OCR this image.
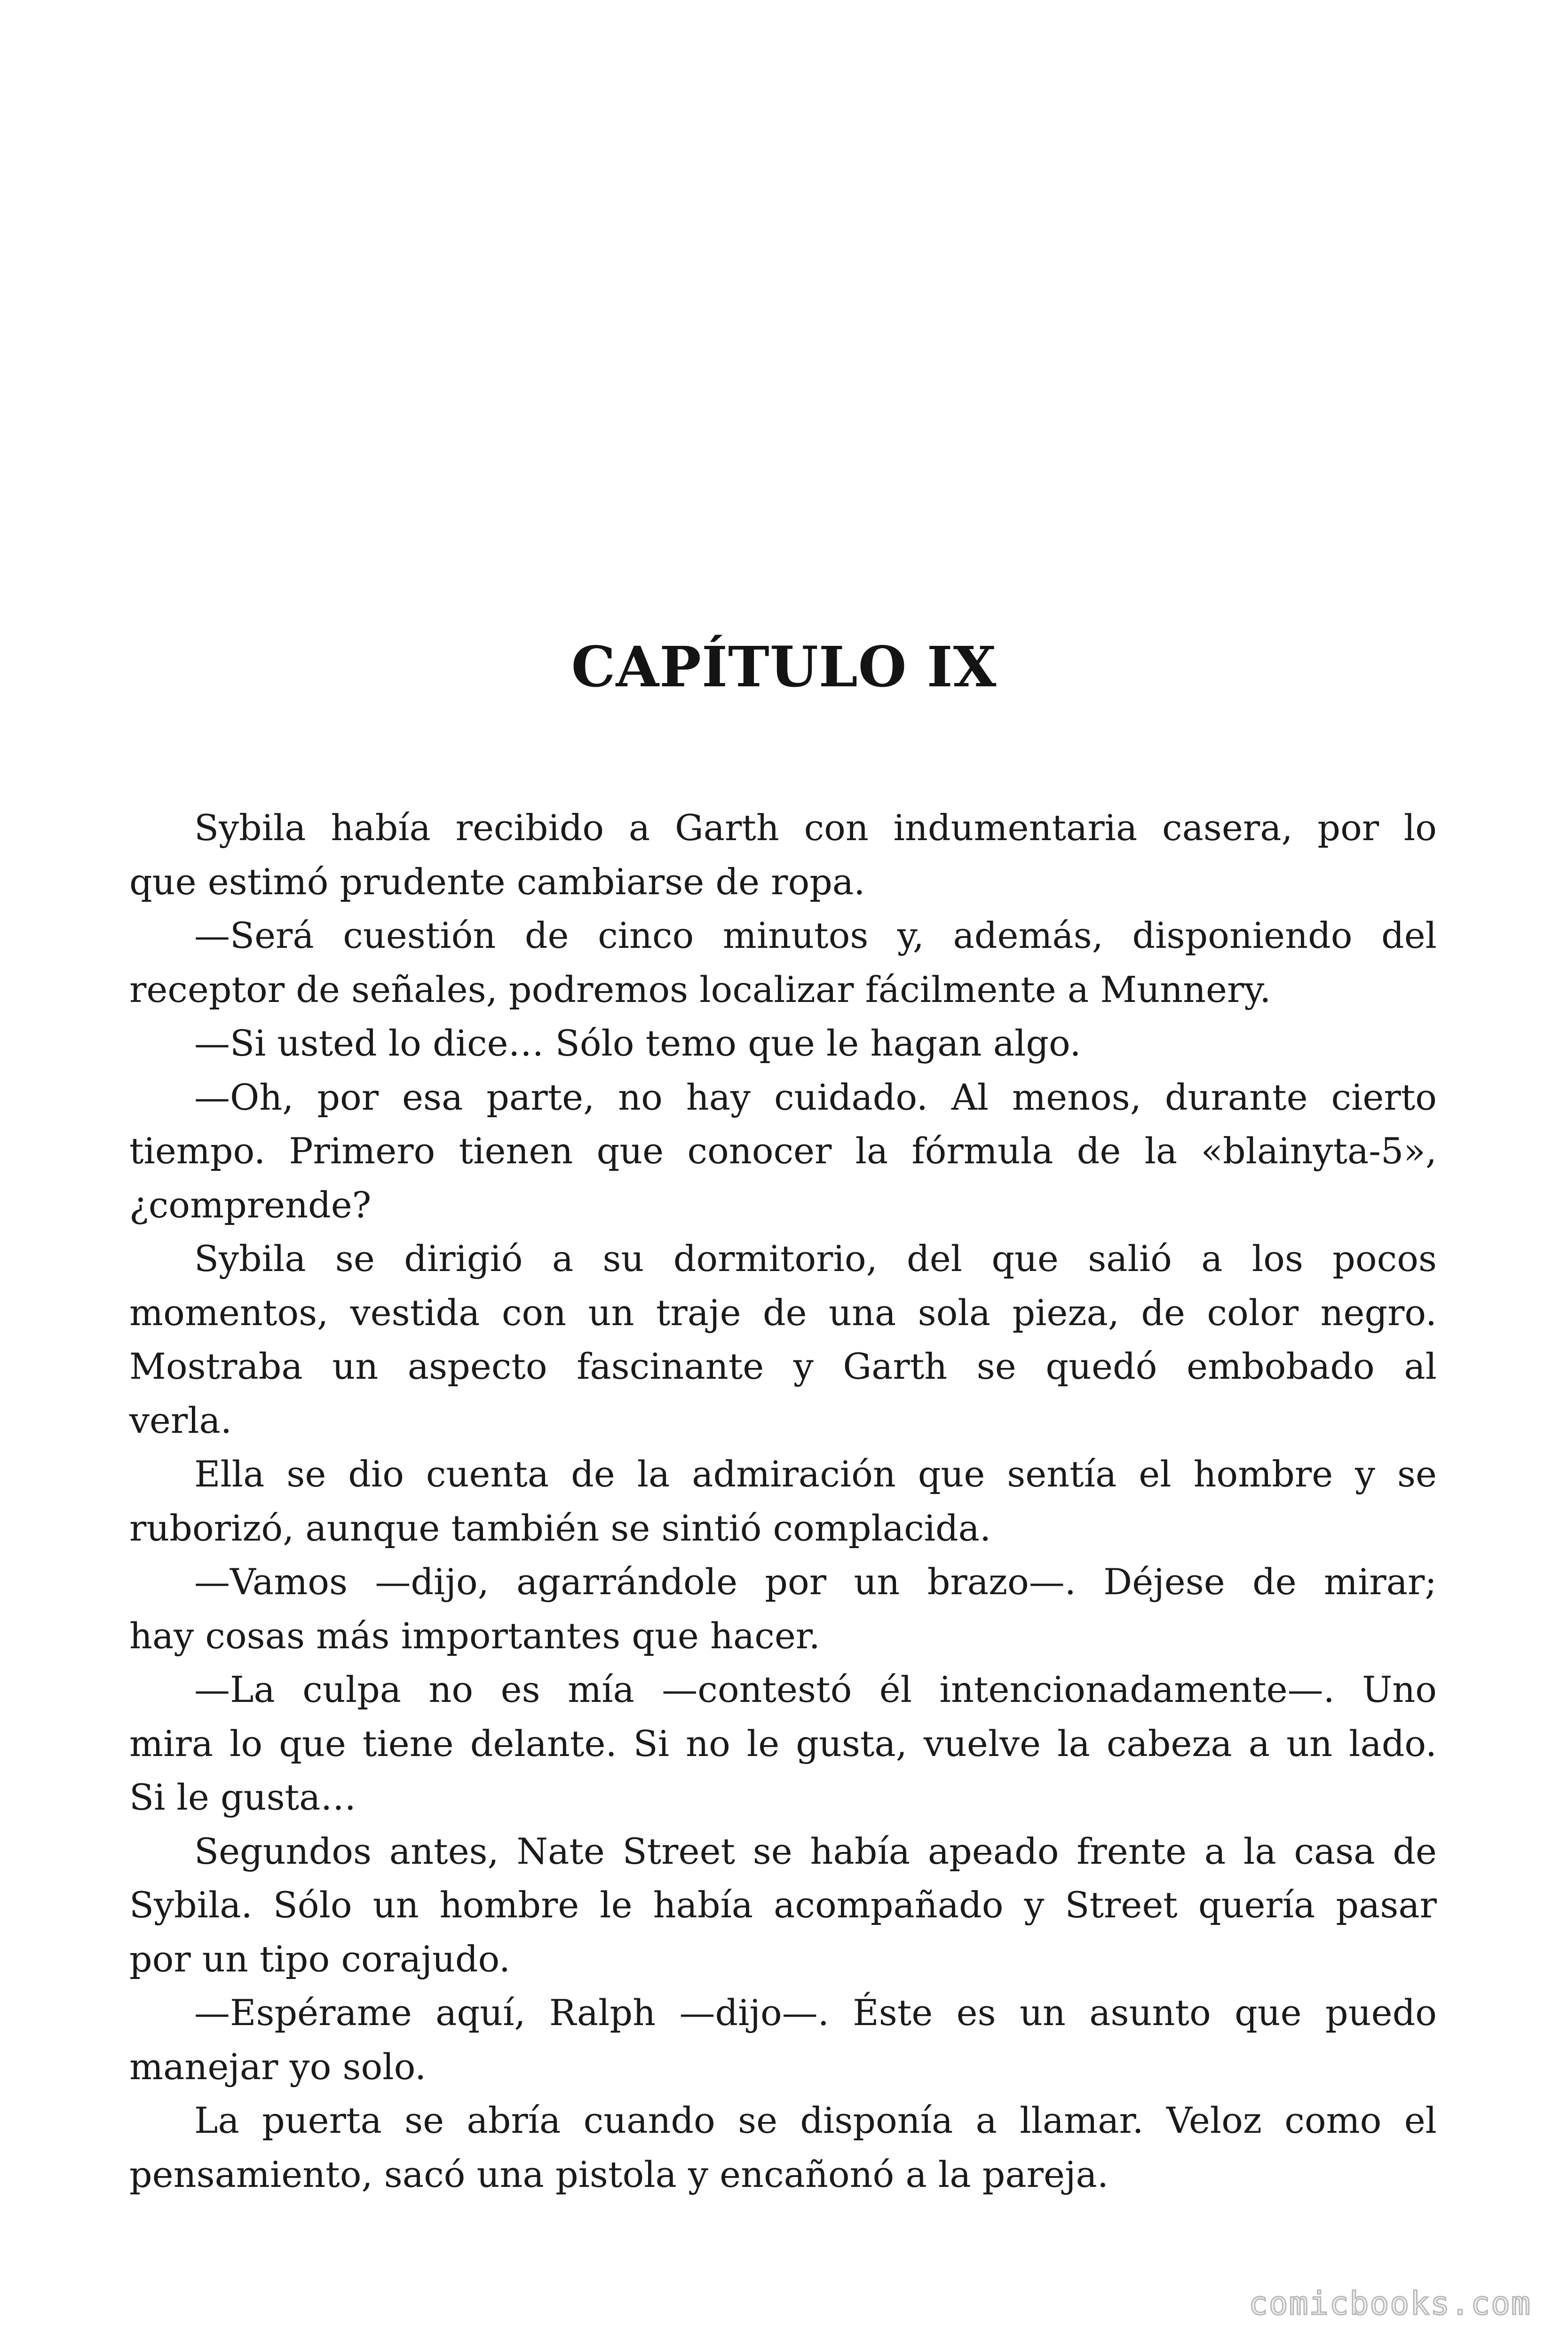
CAPÍTULO IX
Sybila había recibido a Garth con indumentaria casera, por lo
que estimó prudente cambiarse de ropa.
—Será cuestión de cinco minutos y, además, disponiendo del
receptor de señales, podremos localizar fácilmente a Munnery.
—Si usted lo dice… Sólo temo que le hagan algo.
—Oh, por esa parte, no hay cuidado. Al menos, durante cierto
tiempo. Primero tienen que conocer la fórmula de la «blainyta-5»,
¿comprende?
Sybila se dirigió a su dormitorio, del que salió a los pocos
momentos, vestida con un traje de una sola pieza, de color negro.
Mostraba un aspecto fascinante y Garth se quedó embobado al
verla.
Ella se dio cuenta de la admiración que sentía el hombre y se
ruborizó, aunque también se sintió complacida.
—Vamos —dijo, agarrándole por un brazo—. Déjese de mirar;
hay cosas más importantes que hacer.
—La culpa no es mía —contestó él intencionadamente—. Uno
mira lo que tiene delante. Si no le gusta, vuelve la cabeza a un lado.
Si le gusta…
Segundos antes, Nate Street se había apeado frente a la casa de
Sybila. Sólo un hombre le había acompañado y Street quería pasar
por un tipo corajudo.
—Espérame aquí, Ralph —dijo—. Éste es un asunto que puedo
manejar yo solo.
La puerta se abría cuando se disponía a llamar. Veloz como el
pensamiento, sacó una pistola y encañonó a la pareja.
comicbooks.com
